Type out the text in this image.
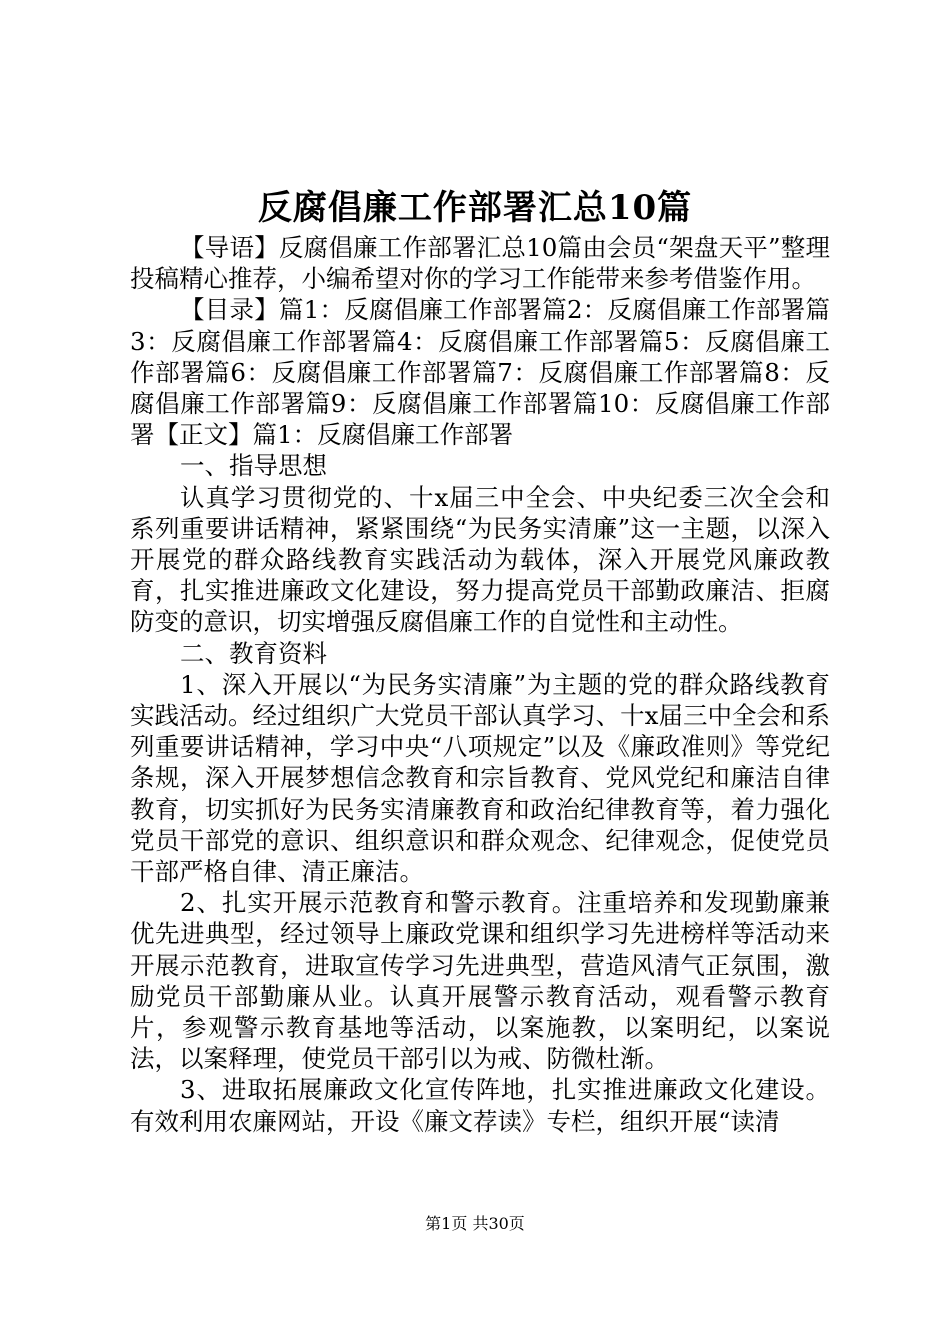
反腐倡廉工作部署汇总10篇

【导语】反腐倡廉工作部署汇总10篇由会员“架盘天平”整理投稿精心推荐，小编希望对你的学习工作能带来参考借鉴作用。

【目录】篇1：反腐倡廉工作部署篇2：反腐倡廉工作部署篇3：反腐倡廉工作部署篇4：反腐倡廉工作部署篇5：反腐倡廉工作部署篇6：反腐倡廉工作部署篇7：反腐倡廉工作部署篇8：反腐倡廉工作部署篇9：反腐倡廉工作部署篇10：反腐倡廉工作部署【正文】篇1：反腐倡廉工作部署

一、指导思想

认真学习贯彻党的、十x届三中全会、中央纪委三次全会和系列重要讲话精神，紧紧围绕“为民务实清廉”这一主题，以深入开展党的群众路线教育实践活动为载体，深入开展党风廉政教育，扎实推进廉政文化建设，努力提高党员干部勤政廉洁、拒腐防变的意识，切实增强反腐倡廉工作的自觉性和主动性。

二、教育资料

1、深入开展以“为民务实清廉”为主题的党的群众路线教育实践活动。经过组织广大党员干部认真学习、十x届三中全会和系列重要讲话精神，学习中央“八项规定”以及《廉政准则》等党纪条规，深入开展梦想信念教育和宗旨教育、党风党纪和廉洁自律教育，切实抓好为民务实清廉教育和政治纪律教育等，着力强化党员干部党的意识、组织意识和群众观念、纪律观念，促使党员干部严格自律、清正廉洁。

2、扎实开展示范教育和警示教育。注重培养和发现勤廉兼优先进典型，经过领导上廉政党课和组织学习先进榜样等活动来开展示范教育，进取宣传学习先进典型，营造风清气正氛围，激励党员干部勤廉从业。认真开展警示教育活动，观看警示教育片，参观警示教育基地等活动，以案施教，以案明纪，以案说法，以案释理，使党员干部引以为戒、防微杜渐。

3、进取拓展廉政文化宣传阵地，扎实推进廉政文化建设。有效利用农廉网站，开设《廉文荐读》专栏，组织开展“读清

第1页 共30页
